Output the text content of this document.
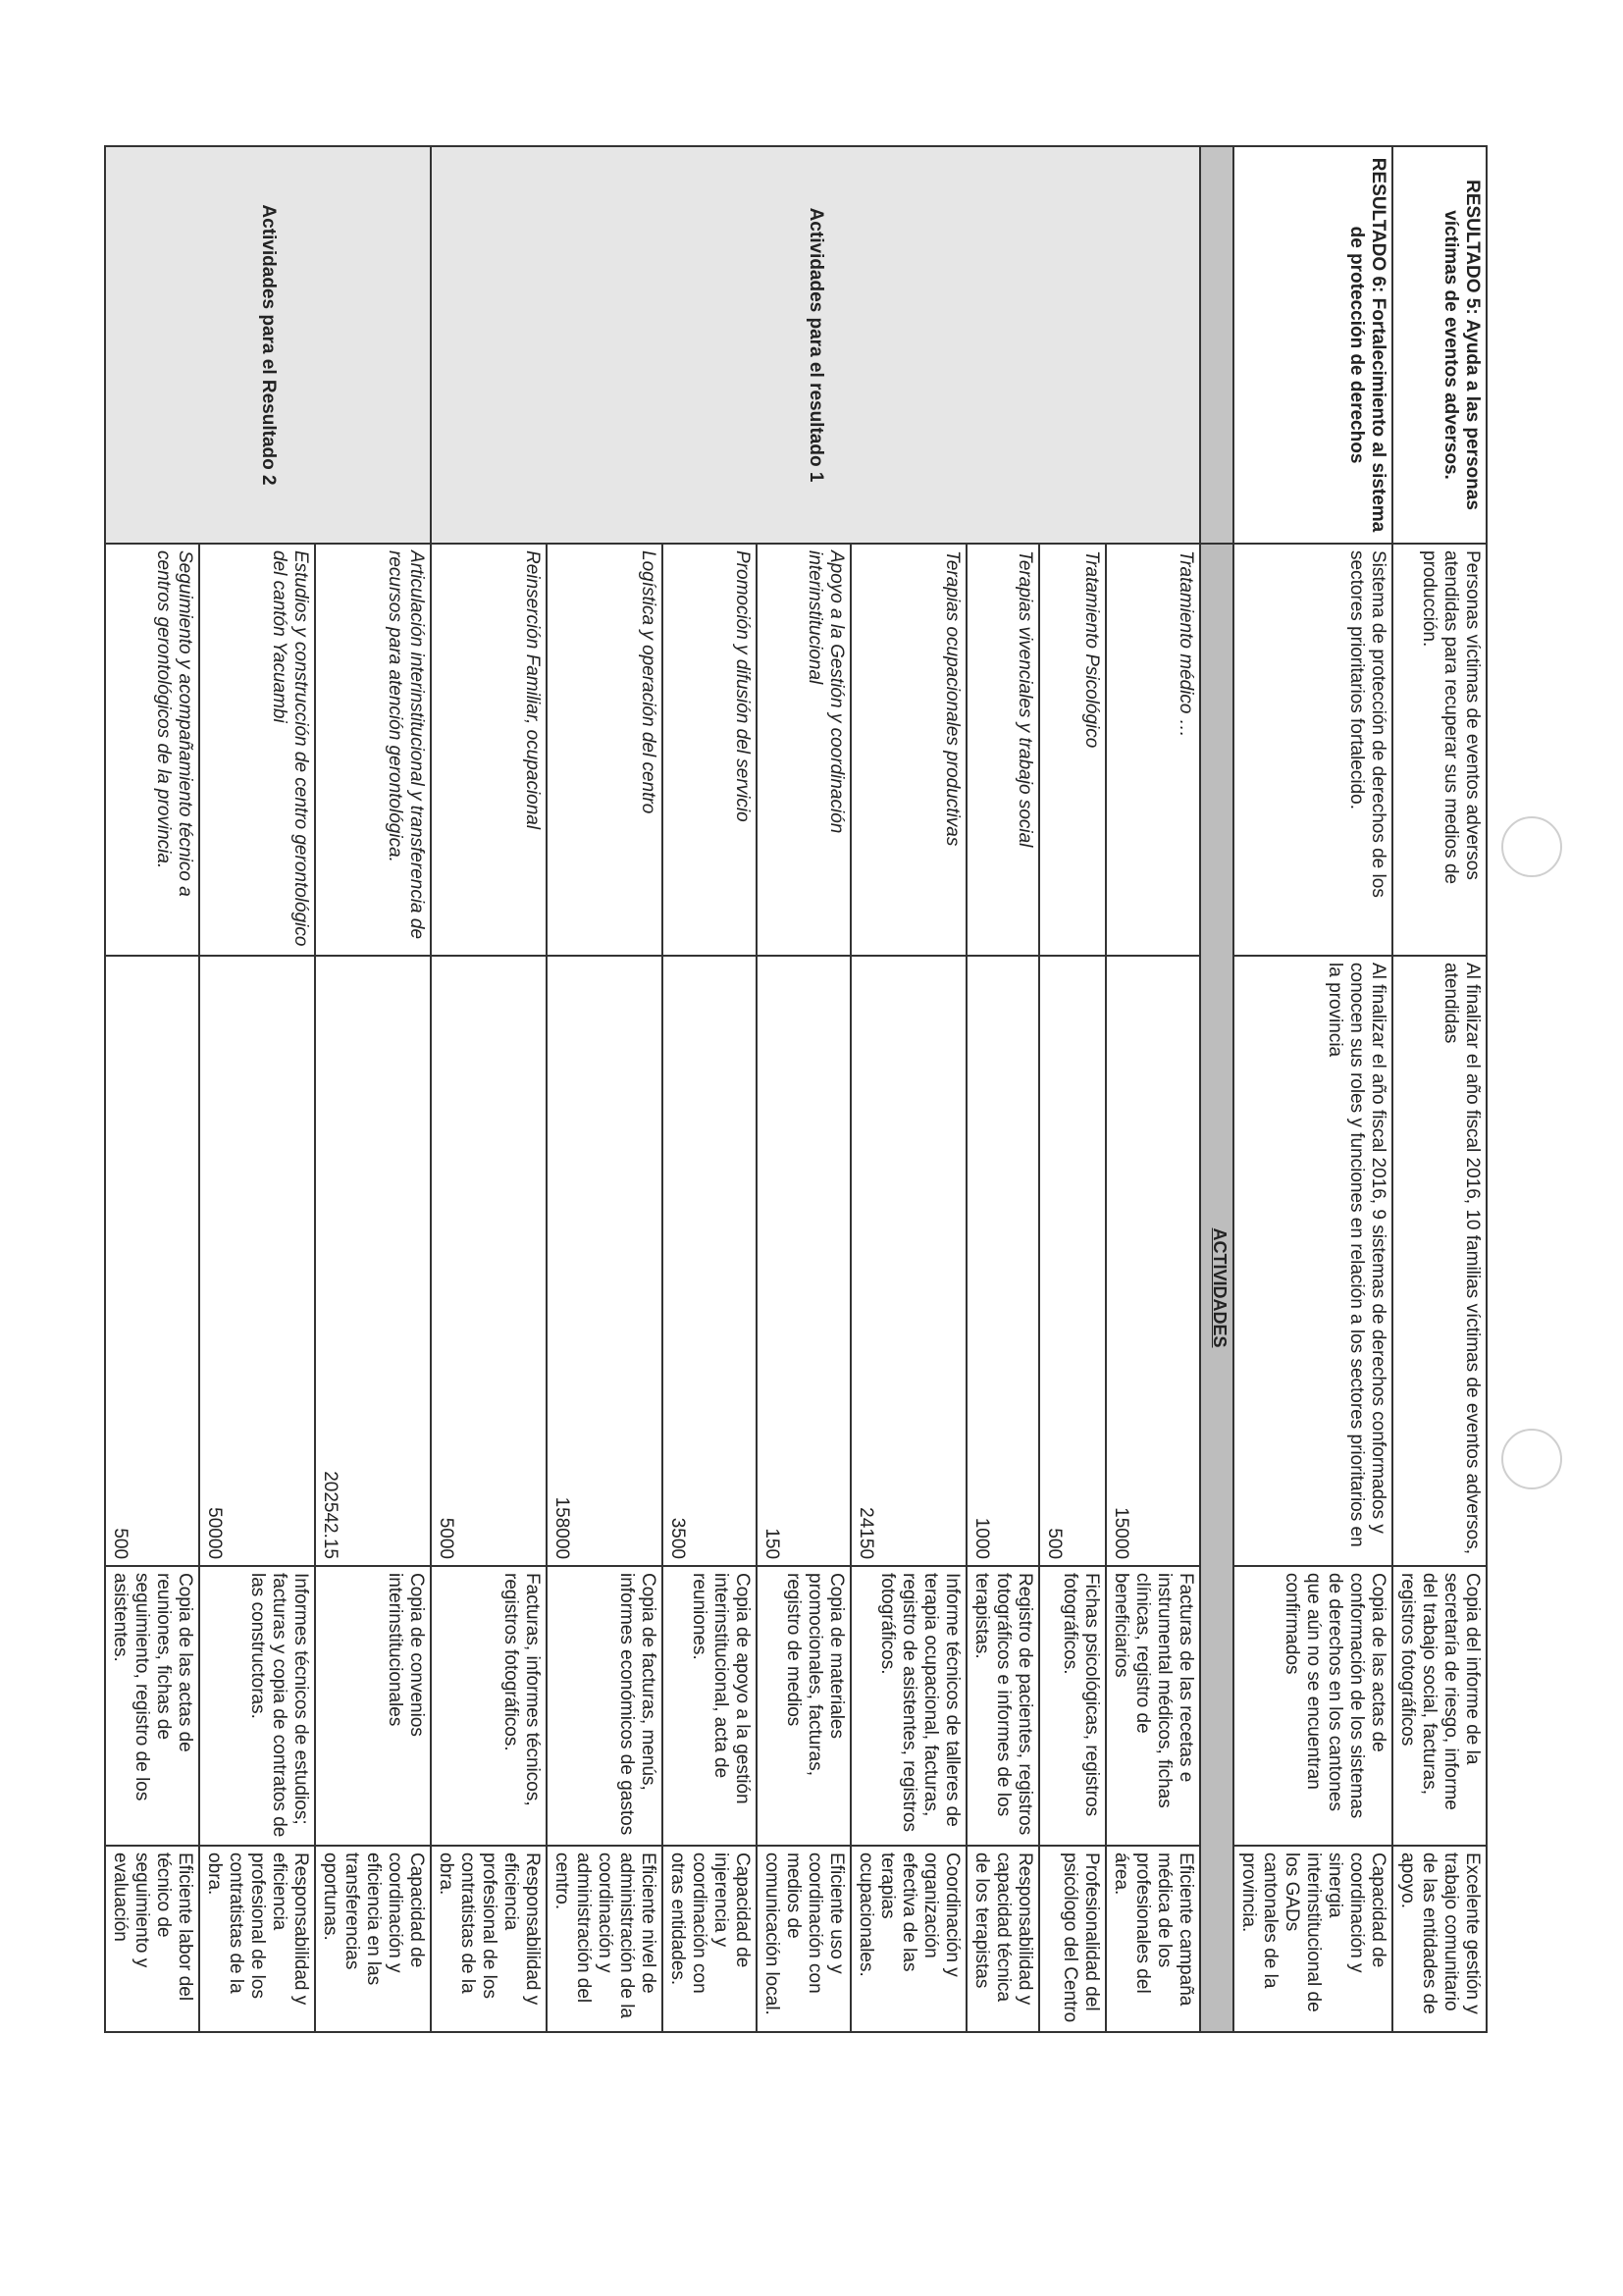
RESULTADO 5: Ayuda a las personas víctimas de eventos adversos.	Personas víctimas de eventos adversos atendidas para recuperar sus medios de producción.	Al finalizar el año fiscal 2016, 10 familias víctimas de eventos adversos, atendidas		Copia del informe de la secretaría de riesgo, informe del trabajo social, facturas, registros fotográficos	Excelente gestión y trabajo comunitario de las entidades de apoyo.
RESULTADO 6: Fortalecimiento al sistema de protección de derechos	Sistema de protección de derechos de los sectores prioritarios fortalecido.	Al finalizar el año fiscal 2016, 9 sistemas de derechos conformados y conocen sus roles y funciones en relación a los sectores prioritarios en la provincia		Copia de las actas de conformación de los sistemas de derechos en los cantones que aún no se encuentran confirmados	Capacidad de coordinación y sinergia interinstitucional de los GADs cantonales de la provincia.
	ACTIVIDADES				
Actividades para el resultado 1	Tratamiento médico …		15000	Facturas de las recetas e instrumental médicos, fichas clínicas, registro de beneficiarios	Eficiente campaña médica de los profesionales del área.
	Tratamiento Psicológico		500	Fichas psicológicas, registros fotográficos.	Profesionalidad del psicólogo del Centro
	Terapias vivenciales y trabajo social		1000	Registro de pacientes, registros fotográficos e informes de los terapistas.	Responsabilidad y capacidad técnica de los terapistas
	Terapias ocupacionales productivas		24150	Informe técnicos de talleres de terapia ocupacional, facturas, registro de asistentes, registros fotográficos.	Coordinación y organización efectiva de las terapias ocupacionales.
	Apoyo a la Gestión y coordinación interinstitucional		150	Copia de materiales promocionales, facturas, registro de medios	Eficiente uso y coordinación con medios de comunicación local.
	Promoción y difusión del servicio		3500	Copia de apoyo a la gestión interinstitucional, acta de reuniones.	Capacidad de injerencia y coordinación con otras entidades.
	Logística y operación del centro		158000	Copia de facturas, menús, informes económicos de gastos	Eficiente nivel de administración de la coordinación y administración del centro.
	Reinserción Familiar, ocupacional		5000	Facturas, informes técnicos, registros fotográficos.	Responsabilidad y eficiencia profesional de los contratistas de la obra.
Actividades para el Resultado 2	Articulación interinstitucional y transferencia de recursos para atención gerontológica.		202542.15	Copia de convenios interinstitucionales	Capacidad de coordinación y eficiencia en las transferencias oportunas.
	Estudios y construcción de centro gerontológico del cantón Yacuambi		50000	Informes técnicos de estudios; facturas y copia de contratos de las constructoras.	Responsabilidad y eficiencia profesional de los contratistas de la obra.
	Seguimiento y acompañamiento técnico a centros gerontológicos de la provincia.		500	Copia de las actas de reuniones, fichas de seguimiento, registro de los asistentes.	Eficiente labor del técnico de seguimiento y evaluación
